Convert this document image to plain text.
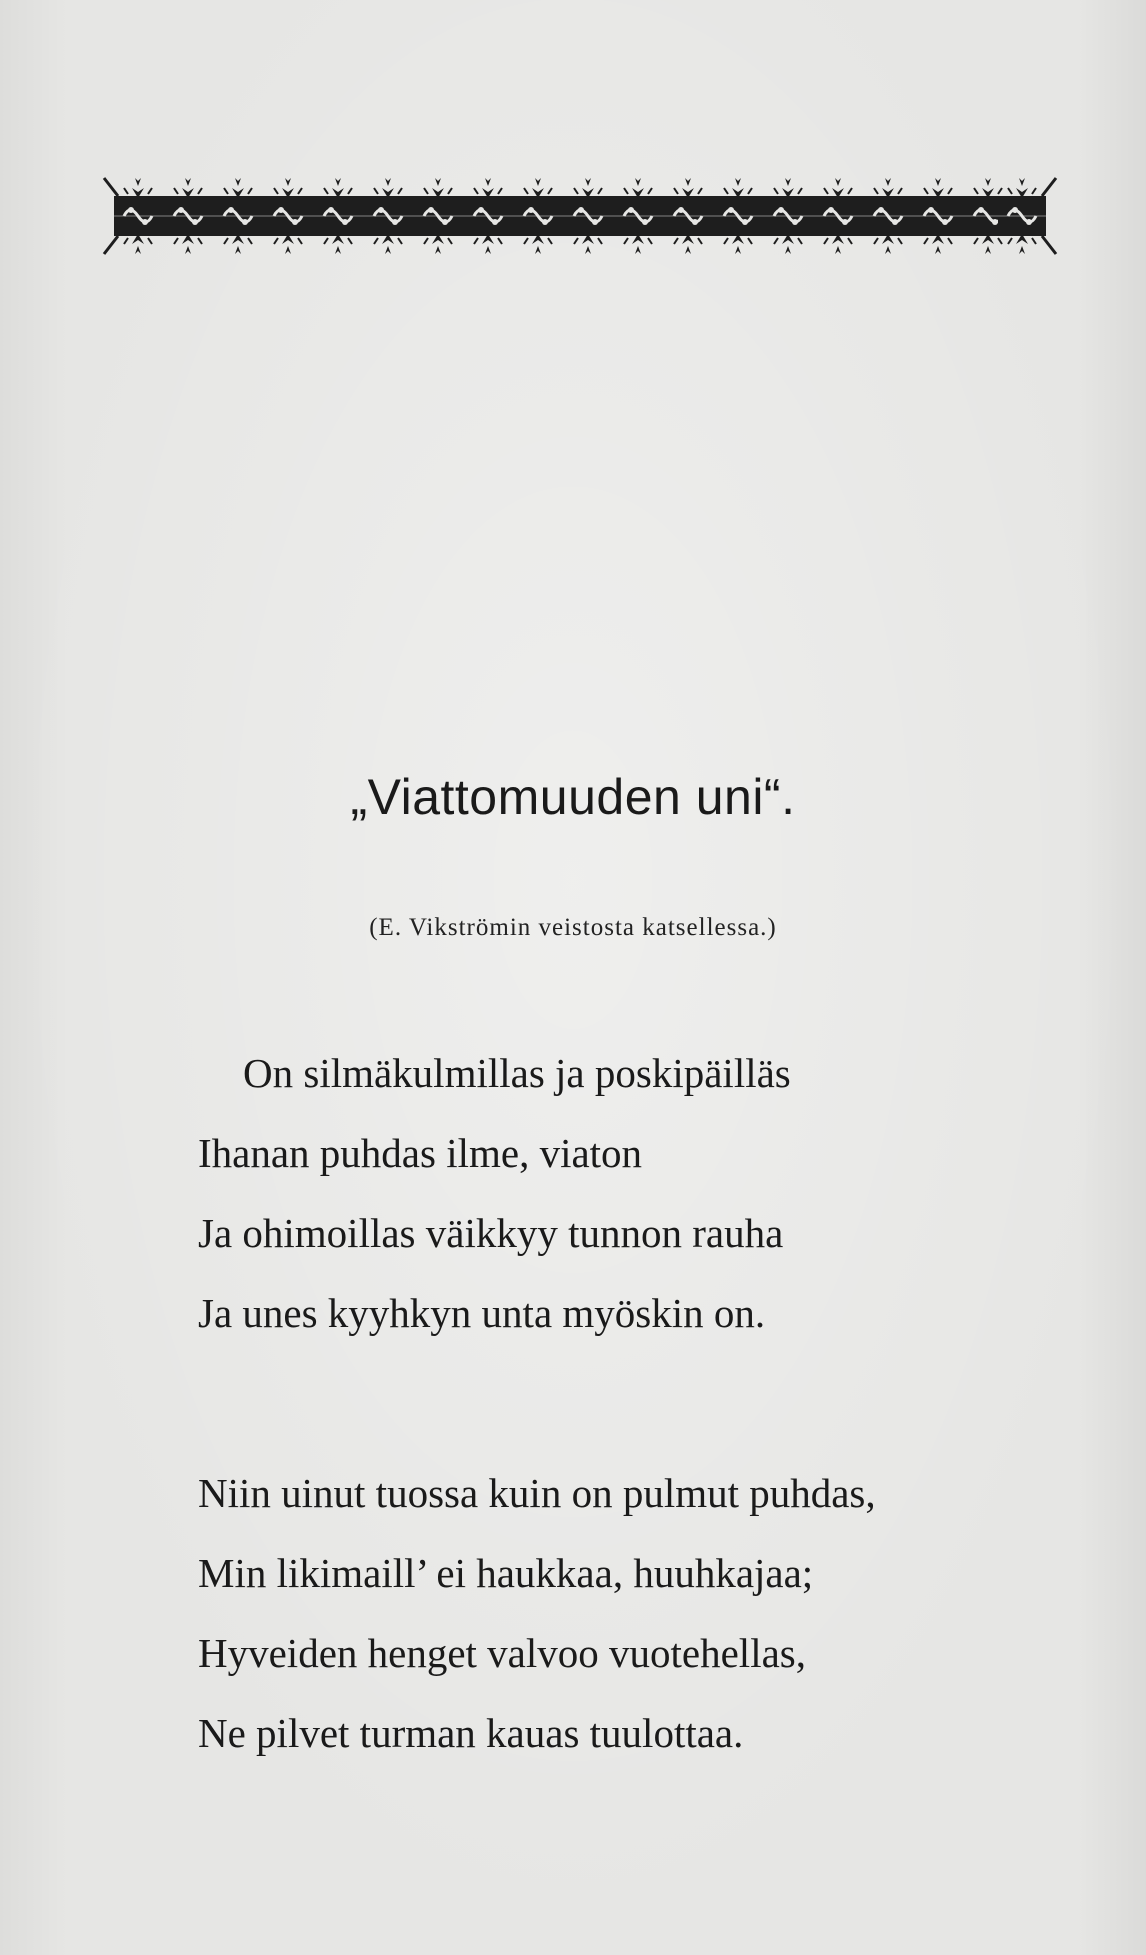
„Viattomuuden uni“.

(E. Vikströmin veistosta katsellessa.)

On silmäkulmillas ja poskipäilläs
Ihanan puhdas ilme, viaton
Ja ohimoillas väikkyy tunnon rauha
Ja unes kyyhkyn unta myöskin on.
Niin uinut tuossa kuin on pulmut puhdas,
Min likimaill’ ei haukkaa, huuhkajaa;
Hyveiden henget valvoo vuotehellas,
Ne pilvet turman kauas tuulottaa.
